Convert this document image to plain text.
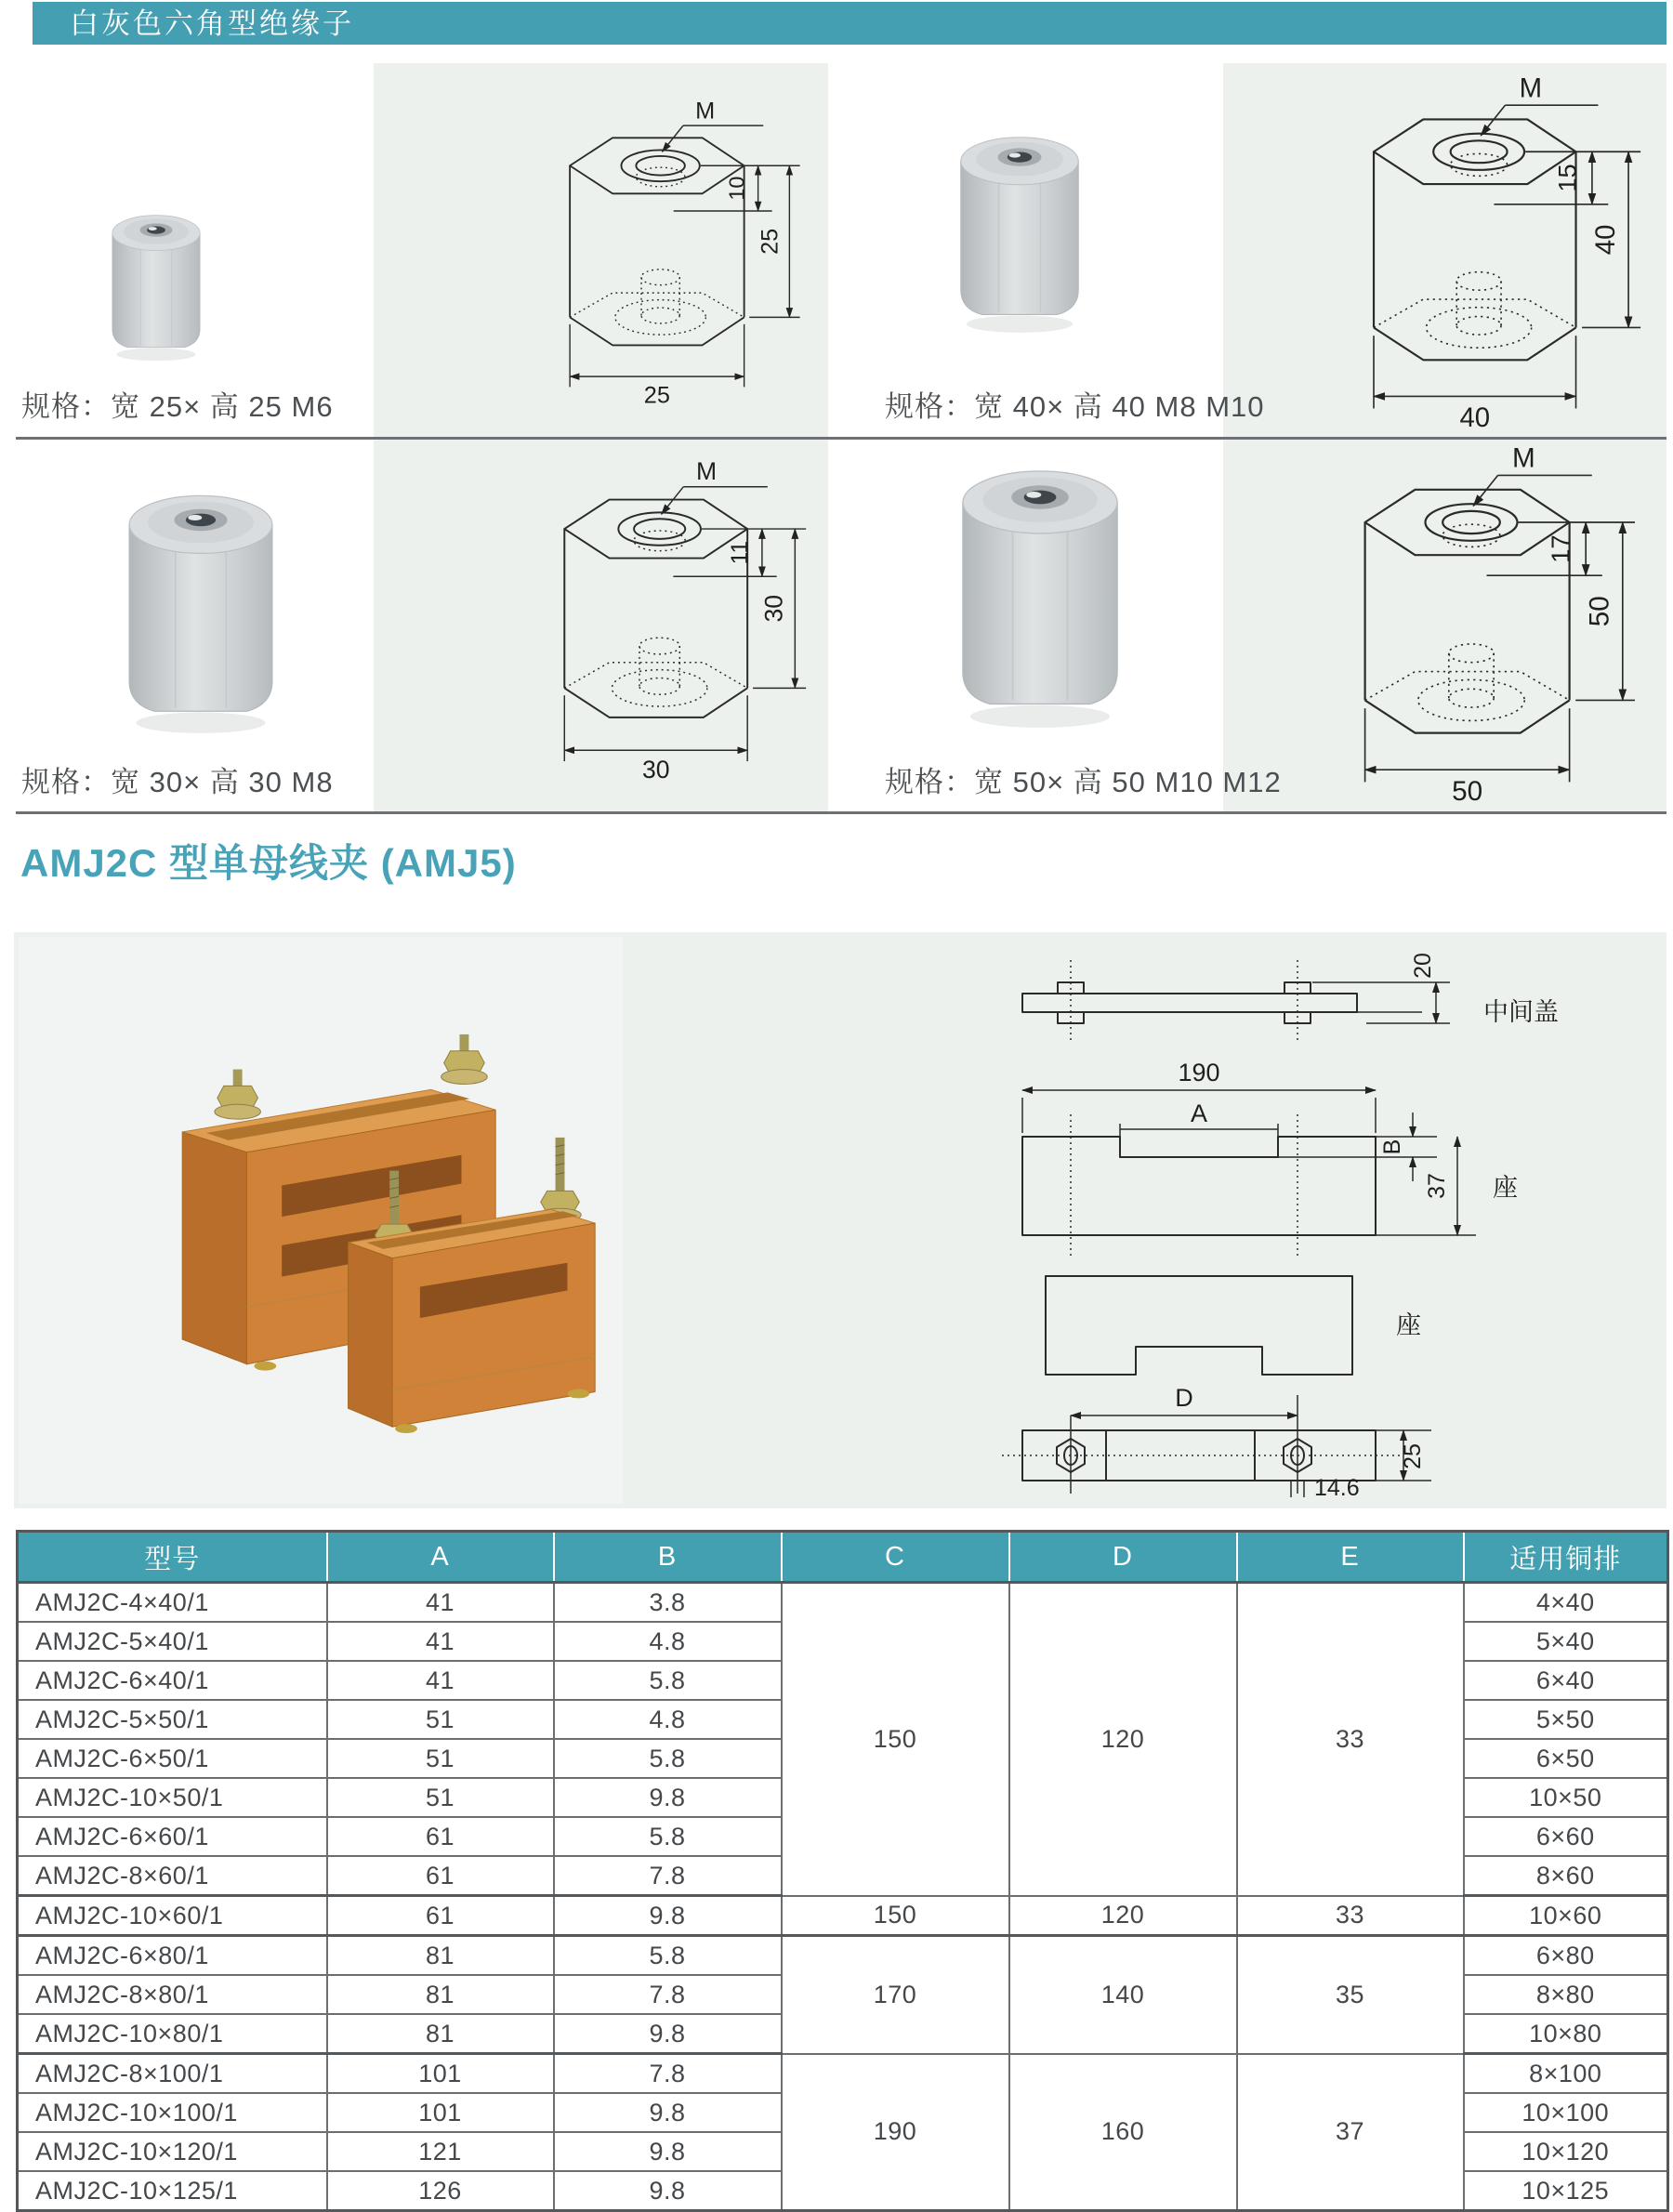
白灰色六角型绝缘子
M
10
25
25
M
15
40
40
M
11
30
30
M
17
50
50
规格：宽 25× 高 25 M6	规格：宽 40× 高 40 M8 M10
规格：宽 30× 高 30 M8	规格：宽 50× 高 50 M10 M12
AMJ2C 型单母线夹 (AMJ5)
20
中间盖
190
A
B
37 座
座
D
25
14.6
型号	A	B	C	D	E	适用铜排
AMJ2C-4×40/1	41	3.8	150	120	33	4×40
AMJ2C-5×40/1	41	4.8				5×40
AMJ2C-6×40/1	41	5.8				6×40
AMJ2C-5×50/1	51	4.8				5×50
AMJ2C-6×50/1	51	5.8				6×50
AMJ2C-10×50/1	51	9.8				10×50
AMJ2C-6×60/1	61	5.8				6×60
AMJ2C-8×60/1	61	7.8				8×60
AMJ2C-10×60/1	61	9.8	150	120	33	10×60
AMJ2C-6×80/1	81	5.8	170	140	35	6×80
AMJ2C-8×80/1	81	7.8				8×80
AMJ2C-10×80/1	81	9.8				10×80
AMJ2C-8×100/1	101	7.8	190	160	37	8×100
AMJ2C-10×100/1	101	9.8				10×100
AMJ2C-10×120/1	121	9.8				10×120
AMJ2C-10×125/1	126	9.8				10×125
